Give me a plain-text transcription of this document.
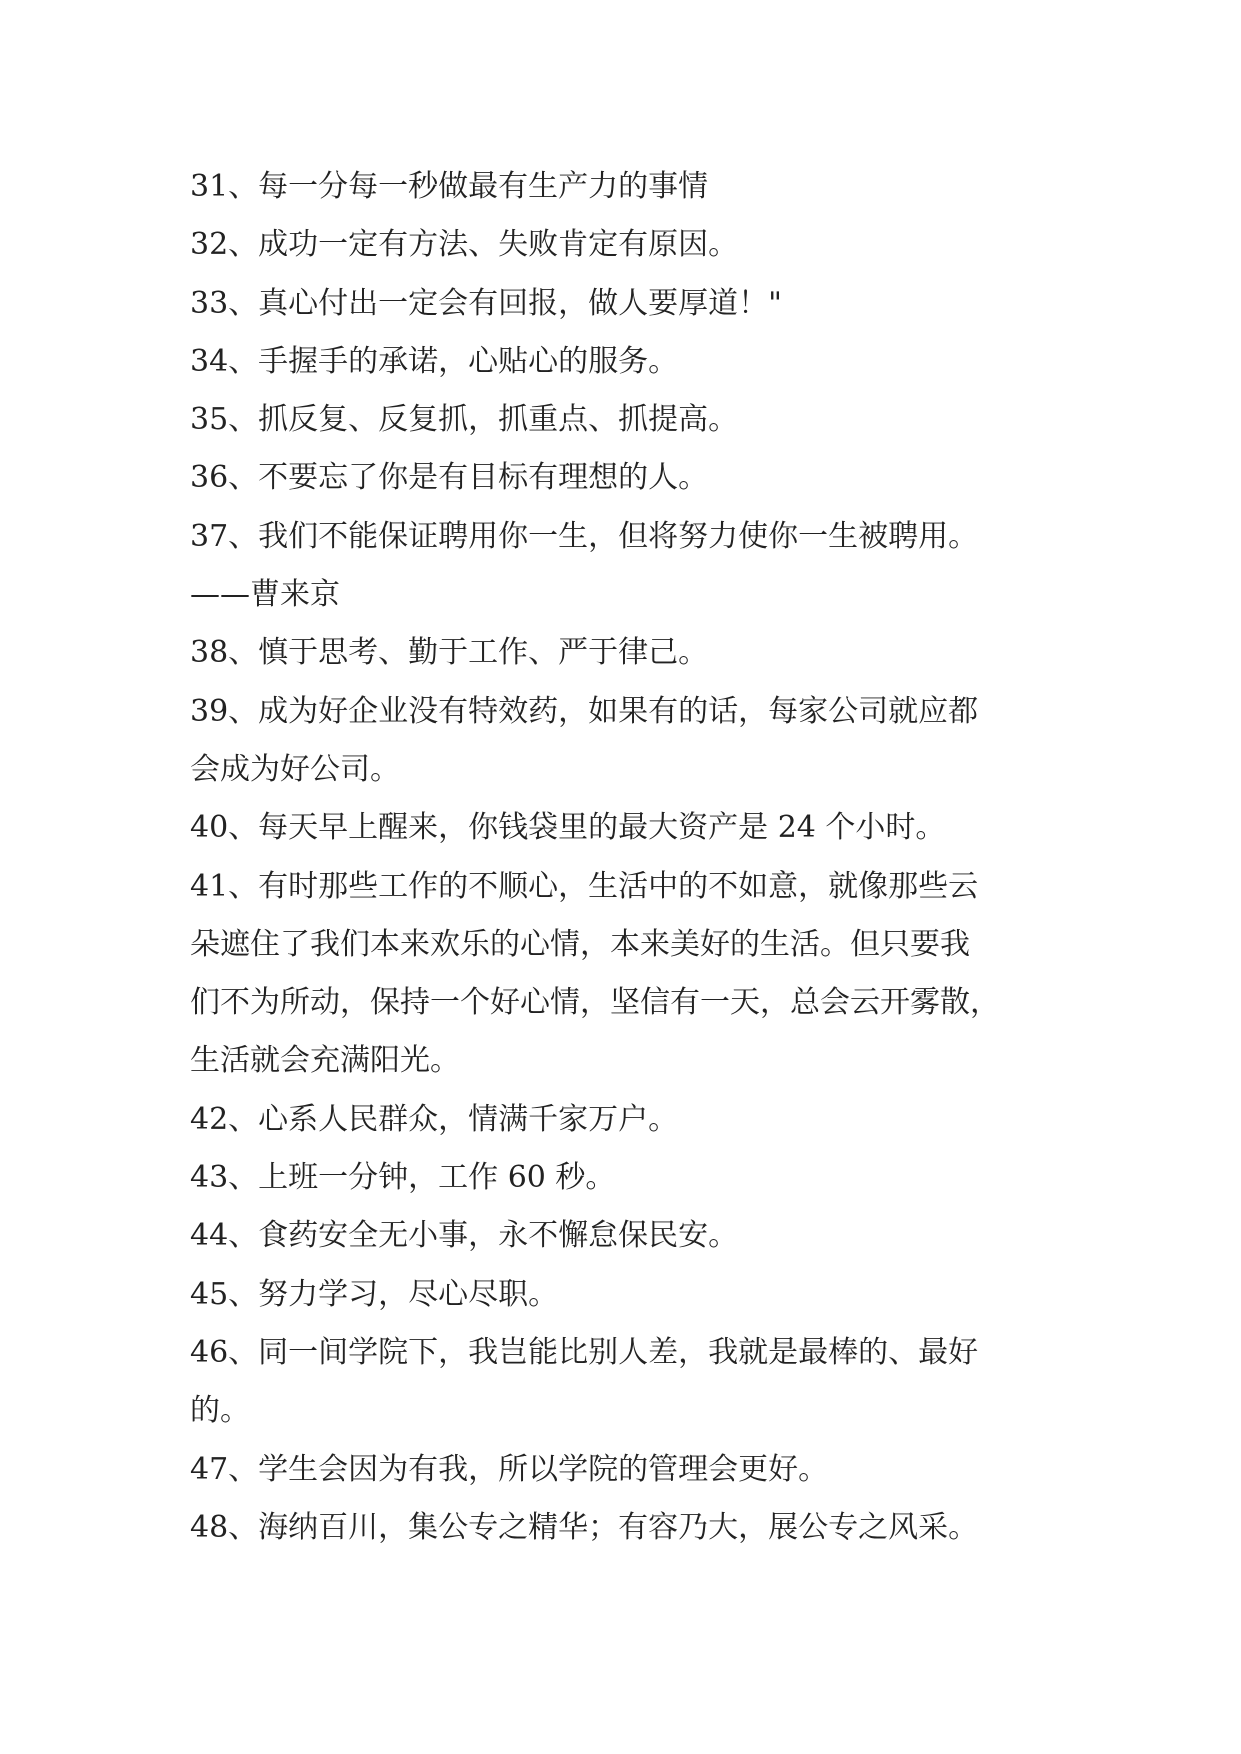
31、每一分每一秒做最有生产力的事情

32、成功一定有方法、失败肯定有原因。

33、真心付出一定会有回报，做人要厚道！"

34、手握手的承诺，心贴心的服务。

35、抓反复、反复抓，抓重点、抓提高。

36、不要忘了你是有目标有理想的人。

37、我们不能保证聘用你一生，但将努力使你一生被聘用。

——曹来京

38、慎于思考、勤于工作、严于律己。

39、成为好企业没有特效药，如果有的话，每家公司就应都

会成为好公司。

40、每天早上醒来，你钱袋里的最大资产是 24 个小时。

41、有时那些工作的不顺心，生活中的不如意，就像那些云

朵遮住了我们本来欢乐的心情，本来美好的生活。但只要我

们不为所动，保持一个好心情，坚信有一天，总会云开雾散，

生活就会充满阳光。

42、心系人民群众，情满千家万户。

43、上班一分钟，工作 60 秒。

44、食药安全无小事，永不懈怠保民安。

45、努力学习，尽心尽职。

46、同一间学院下，我岂能比别人差，我就是最棒的、最好

的。

47、学生会因为有我，所以学院的管理会更好。

48、海纳百川，集公专之精华；有容乃大，展公专之风采。
